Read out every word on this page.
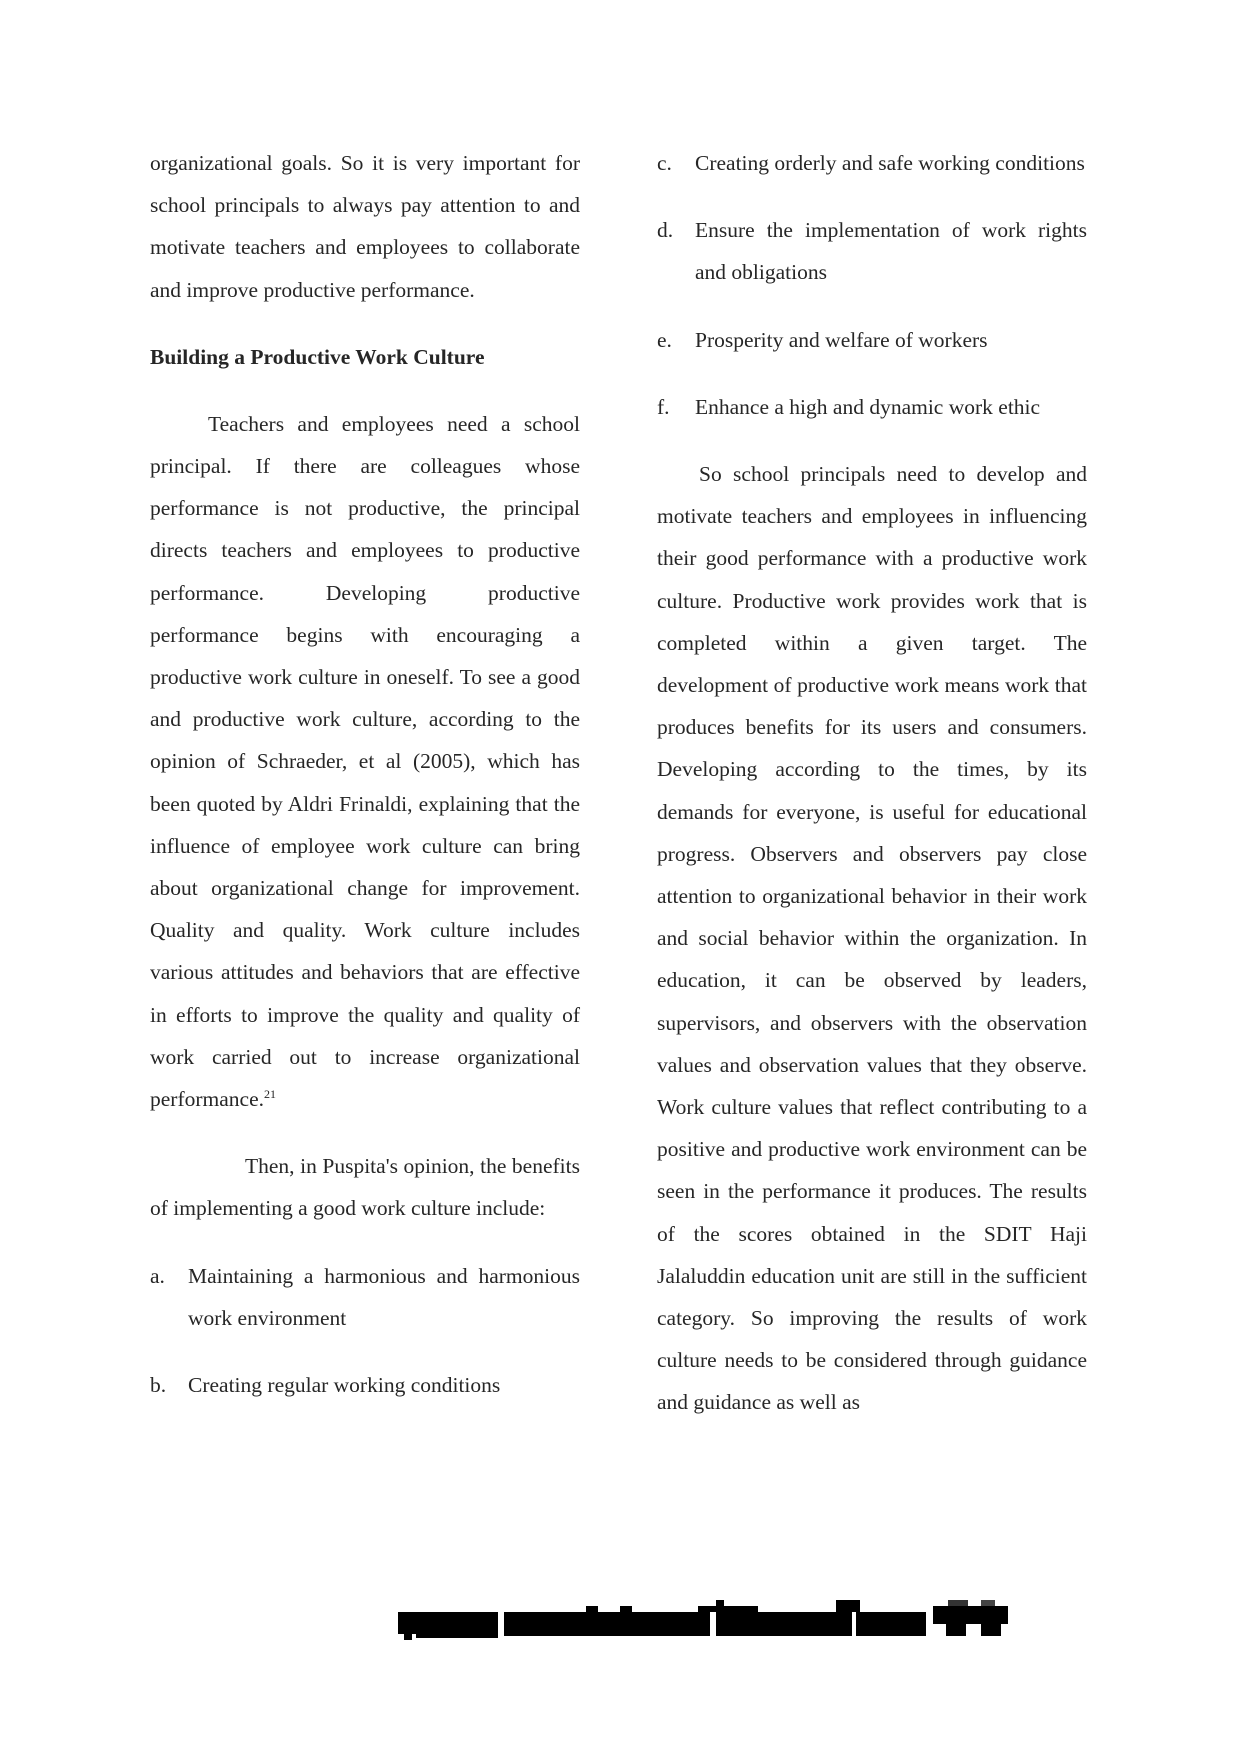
organizational goals. So it is very important for school principals to always pay attention to and motivate teachers and employees to collaborate and improve productive performance.

Building a Productive Work Culture

Teachers and employees need a school principal. If there are colleagues whose performance is not productive, the principal directs teachers and employees to productive performance. Developing productive performance begins with encouraging a productive work culture in oneself. To see a good and productive work culture, according to the opinion of Schraeder, et al (2005), which has been quoted by Aldri Frinaldi, explaining that the influence of employee work culture can bring about organizational change for improvement. Quality and quality. Work culture includes various attitudes and behaviors that are effective in efforts to improve the quality and quality of work carried out to increase organizational performance.$^{21}$

Then, in Puspita's opinion, the benefits of implementing a good work culture include:

a.	Maintaining a harmonious and harmonious work environment
b.	Creating regular working conditions
c.	Creating orderly and safe working conditions
d.	Ensure the implementation of work rights and obligations
e.	Prosperity and welfare of workers
f.	Enhance a high and dynamic work ethic

So school principals need to develop and motivate teachers and employees in influencing their good performance with a productive work culture. Productive work provides work that is completed within a given target. The development of productive work means work that produces benefits for its users and consumers. Developing according to the times, by its demands for everyone, is useful for educational progress. Observers and observers pay close attention to organizational behavior in their work and social behavior within the organization. In education, it can be observed by leaders, supervisors, and observers with the observation values and observation values that they observe. Work culture values that reflect contributing to a positive and productive work environment can be seen in the performance it produces. The results of the scores obtained in the SDIT Haji Jalaluddin education unit are still in the sufficient category. So improving the results of work culture needs to be considered through guidance and guidance as well as
